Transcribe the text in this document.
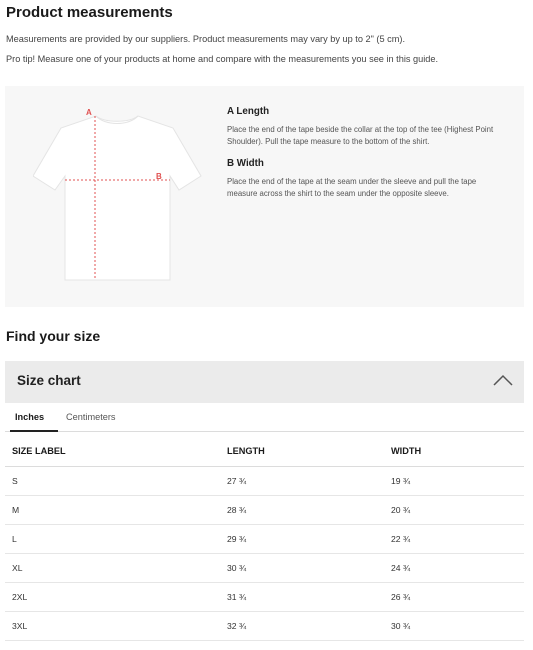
Product measurements
Measurements are provided by our suppliers. Product measurements may vary by up to 2" (5 cm).
Pro tip! Measure one of your products at home and compare with the measurements you see in this guide.
A
B
A Length
Place the end of the tape beside the collar at the top of the tee (Highest Point Shoulder). Pull the tape measure to the bottom of the shirt.
B Width
Place the end of the tape at the seam under the sleeve and pull the tape measure across the shirt to the seam under the opposite sleeve.
Find your size
Size chart
Inches Centimeters
SIZE LABEL	LENGTH	WIDTH
S	27 ¾	19 ¾
M	28 ¾	20 ¾
L	29 ¾	22 ¾
XL	30 ¾	24 ¾
2XL	31 ¾	26 ¾
3XL	32 ¾	30 ¾
